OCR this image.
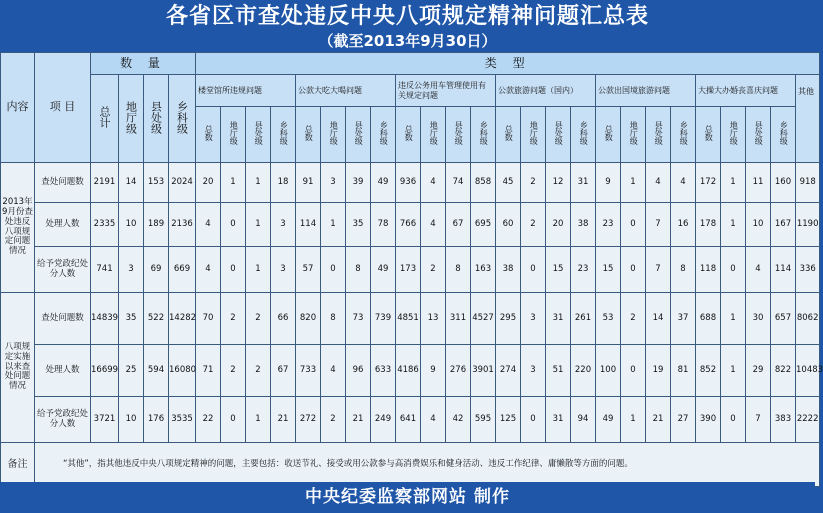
各省区市查处违反中央八项规定精神问题汇总表
（截至2013年9月30日）
内容	项 目	数 量				类 型																								
		总计	地厅级	县处级	乡科级	楼堂馆所违规问题				公款大吃大喝问题				违反公务用车管理使用有关规定问题				公款旅游问题（国内）				公款出国境旅游问题				大操大办婚丧喜庆问题				其他
						总数	地厅级	县处级	乡科级	总数	地厅级	县处级	乡科级	总数	地厅级	县处级	乡科级	总数	地厅级	县处级	乡科级	总数	地厅级	县处级	乡科级	总数	地厅级	县处级	乡科级	
2013年9月份查处违反八项规定问题情况	查处问题数	2191	14	153	2024	20	1	1	18	91	3	39	49	936	4	74	858	45	2	12	31	9	1	4	4	172	1	11	160	918
	处理人数	2335	10	189	2136	4	0	1	3	114	1	35	78	766	4	67	695	60	2	20	38	23	0	7	16	178	1	10	167	1190
	给予党政纪处分人数	741	3	69	669	4	0	1	3	57	0	8	49	173	2	8	163	38	0	15	23	15	0	7	8	118	0	4	114	336
八项规定实施以来查处问题情况	查处问题数	14839	35	522	14282	70	2	2	66	820	8	73	739	4851	13	311	4527	295	3	31	261	53	2	14	37	688	1	30	657	8062
	处理人数	16699	25	594	16080	71	2	2	67	733	4	96	633	4186	9	276	3901	274	3	51	220	100	0	19	81	852	1	29	822	10483
	给予党政纪处分人数	3721	10	176	3535	22	0	1	21	272	2	21	249	641	4	42	595	125	0	31	94	49	1	21	27	390	0	7	383	2222
备注	“其他”，指其他违反中央八项规定精神的问题，主要包括：收送节礼、接受或用公款参与高消费娱乐和健身活动、违反工作纪律、庸懒散等方面的问题。																													
中央纪委监察部网站 制作
